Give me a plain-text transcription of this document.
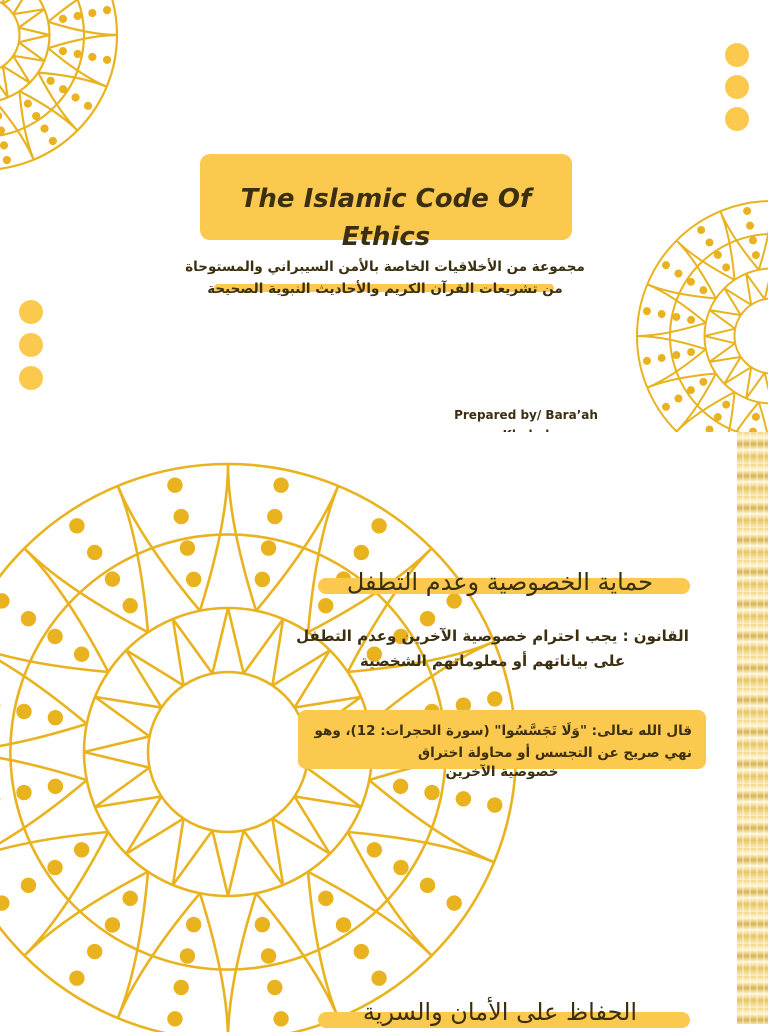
The Islamic Code Of Ethics
مجموعة من الأخلاقيات الخاصة بالأمن السيبراني والمستوحاة من تشريعات القرآن الكريم والأحاديث النبوية الصحيحة
Prepared by/ Bara’ah
حماية الخصوصية وعدم التطفل
القانون : يجب احترام خصوصية الآخرين وعدم التطفل على بياناتهم أو معلوماتهم الشخصية
قال الله تعالى: "وَلَا تَجَسَّسُوا" (سورة الحجرات: 12)، وهو نهي صريح عن التجسس أو محاولة اختراق
خصوصية الآخرين
الحفاظ على الأمان والسرية
